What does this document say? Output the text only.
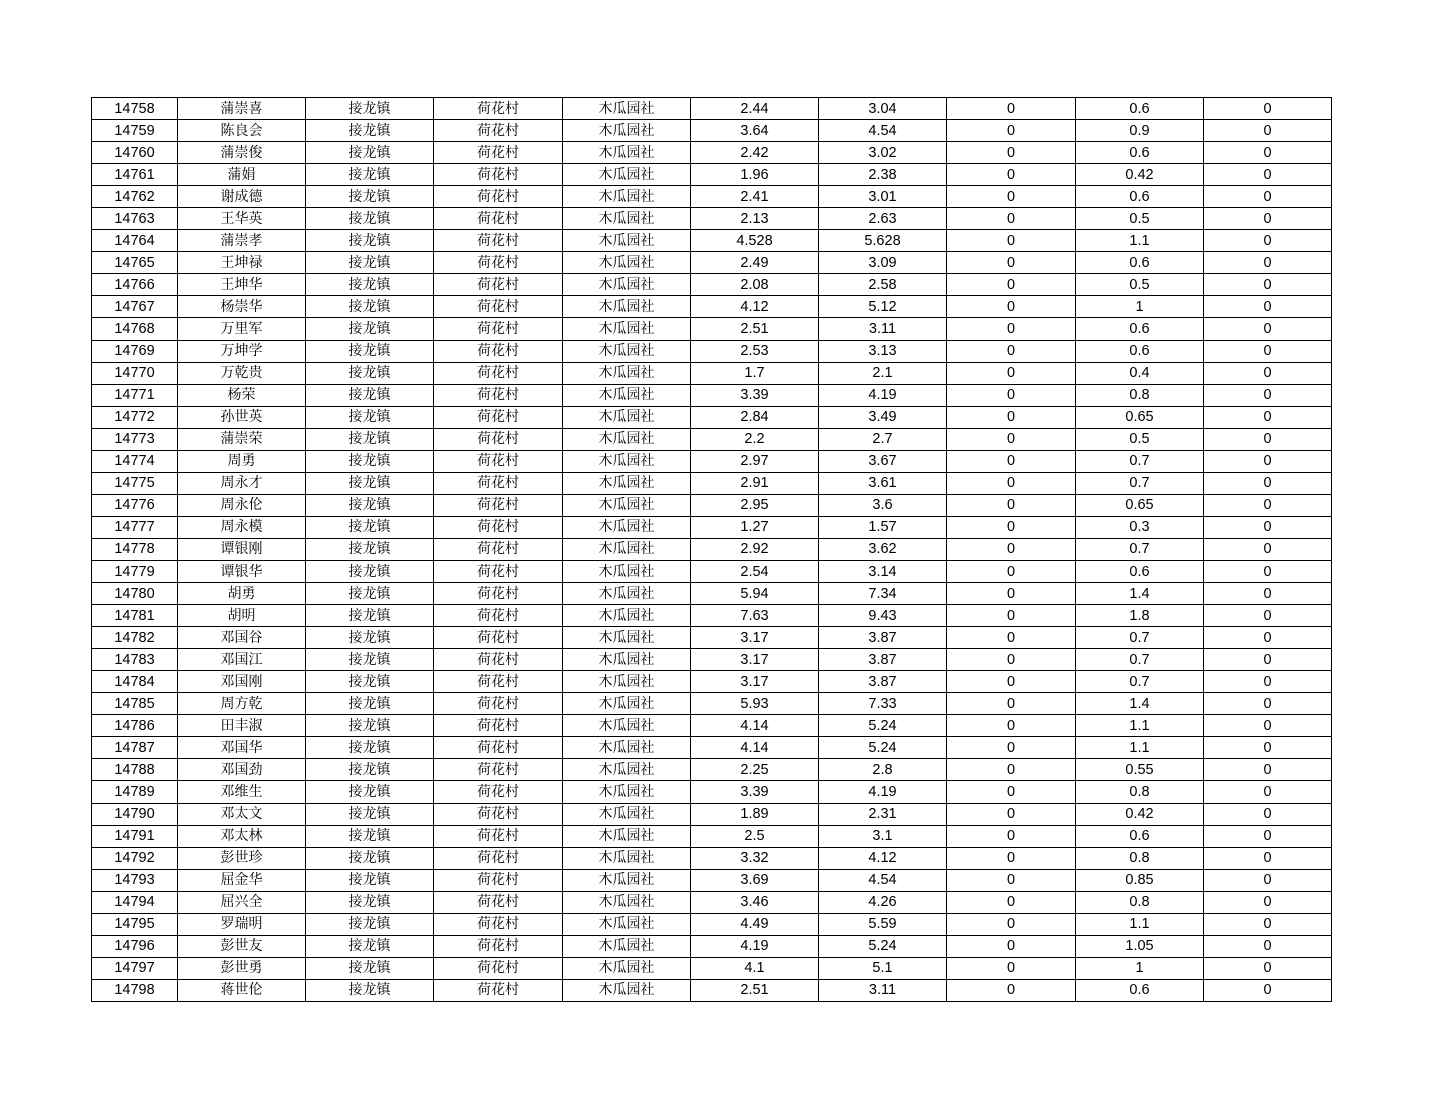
14758	蒲崇喜	接龙镇	荷花村	木瓜园社	2.44	3.04	0	0.6	0
14759	陈良会	接龙镇	荷花村	木瓜园社	3.64	4.54	0	0.9	0
14760	蒲崇俊	接龙镇	荷花村	木瓜园社	2.42	3.02	0	0.6	0
14761	蒲娟	接龙镇	荷花村	木瓜园社	1.96	2.38	0	0.42	0
14762	谢成德	接龙镇	荷花村	木瓜园社	2.41	3.01	0	0.6	0
14763	王华英	接龙镇	荷花村	木瓜园社	2.13	2.63	0	0.5	0
14764	蒲崇孝	接龙镇	荷花村	木瓜园社	4.528	5.628	0	1.1	0
14765	王坤禄	接龙镇	荷花村	木瓜园社	2.49	3.09	0	0.6	0
14766	王坤华	接龙镇	荷花村	木瓜园社	2.08	2.58	0	0.5	0
14767	杨崇华	接龙镇	荷花村	木瓜园社	4.12	5.12	0	1	0
14768	万里军	接龙镇	荷花村	木瓜园社	2.51	3.11	0	0.6	0
14769	万坤学	接龙镇	荷花村	木瓜园社	2.53	3.13	0	0.6	0
14770	万乾贵	接龙镇	荷花村	木瓜园社	1.7	2.1	0	0.4	0
14771	杨荣	接龙镇	荷花村	木瓜园社	3.39	4.19	0	0.8	0
14772	孙世英	接龙镇	荷花村	木瓜园社	2.84	3.49	0	0.65	0
14773	蒲崇荣	接龙镇	荷花村	木瓜园社	2.2	2.7	0	0.5	0
14774	周勇	接龙镇	荷花村	木瓜园社	2.97	3.67	0	0.7	0
14775	周永才	接龙镇	荷花村	木瓜园社	2.91	3.61	0	0.7	0
14776	周永伦	接龙镇	荷花村	木瓜园社	2.95	3.6	0	0.65	0
14777	周永模	接龙镇	荷花村	木瓜园社	1.27	1.57	0	0.3	0
14778	谭银刚	接龙镇	荷花村	木瓜园社	2.92	3.62	0	0.7	0
14779	谭银华	接龙镇	荷花村	木瓜园社	2.54	3.14	0	0.6	0
14780	胡勇	接龙镇	荷花村	木瓜园社	5.94	7.34	0	1.4	0
14781	胡明	接龙镇	荷花村	木瓜园社	7.63	9.43	0	1.8	0
14782	邓国谷	接龙镇	荷花村	木瓜园社	3.17	3.87	0	0.7	0
14783	邓国江	接龙镇	荷花村	木瓜园社	3.17	3.87	0	0.7	0
14784	邓国刚	接龙镇	荷花村	木瓜园社	3.17	3.87	0	0.7	0
14785	周方乾	接龙镇	荷花村	木瓜园社	5.93	7.33	0	1.4	0
14786	田丰淑	接龙镇	荷花村	木瓜园社	4.14	5.24	0	1.1	0
14787	邓国华	接龙镇	荷花村	木瓜园社	4.14	5.24	0	1.1	0
14788	邓国劲	接龙镇	荷花村	木瓜园社	2.25	2.8	0	0.55	0
14789	邓维生	接龙镇	荷花村	木瓜园社	3.39	4.19	0	0.8	0
14790	邓太文	接龙镇	荷花村	木瓜园社	1.89	2.31	0	0.42	0
14791	邓太林	接龙镇	荷花村	木瓜园社	2.5	3.1	0	0.6	0
14792	彭世珍	接龙镇	荷花村	木瓜园社	3.32	4.12	0	0.8	0
14793	屈金华	接龙镇	荷花村	木瓜园社	3.69	4.54	0	0.85	0
14794	屈兴全	接龙镇	荷花村	木瓜园社	3.46	4.26	0	0.8	0
14795	罗瑞明	接龙镇	荷花村	木瓜园社	4.49	5.59	0	1.1	0
14796	彭世友	接龙镇	荷花村	木瓜园社	4.19	5.24	0	1.05	0
14797	彭世勇	接龙镇	荷花村	木瓜园社	4.1	5.1	0	1	0
14798	蒋世伦	接龙镇	荷花村	木瓜园社	2.51	3.11	0	0.6	0
